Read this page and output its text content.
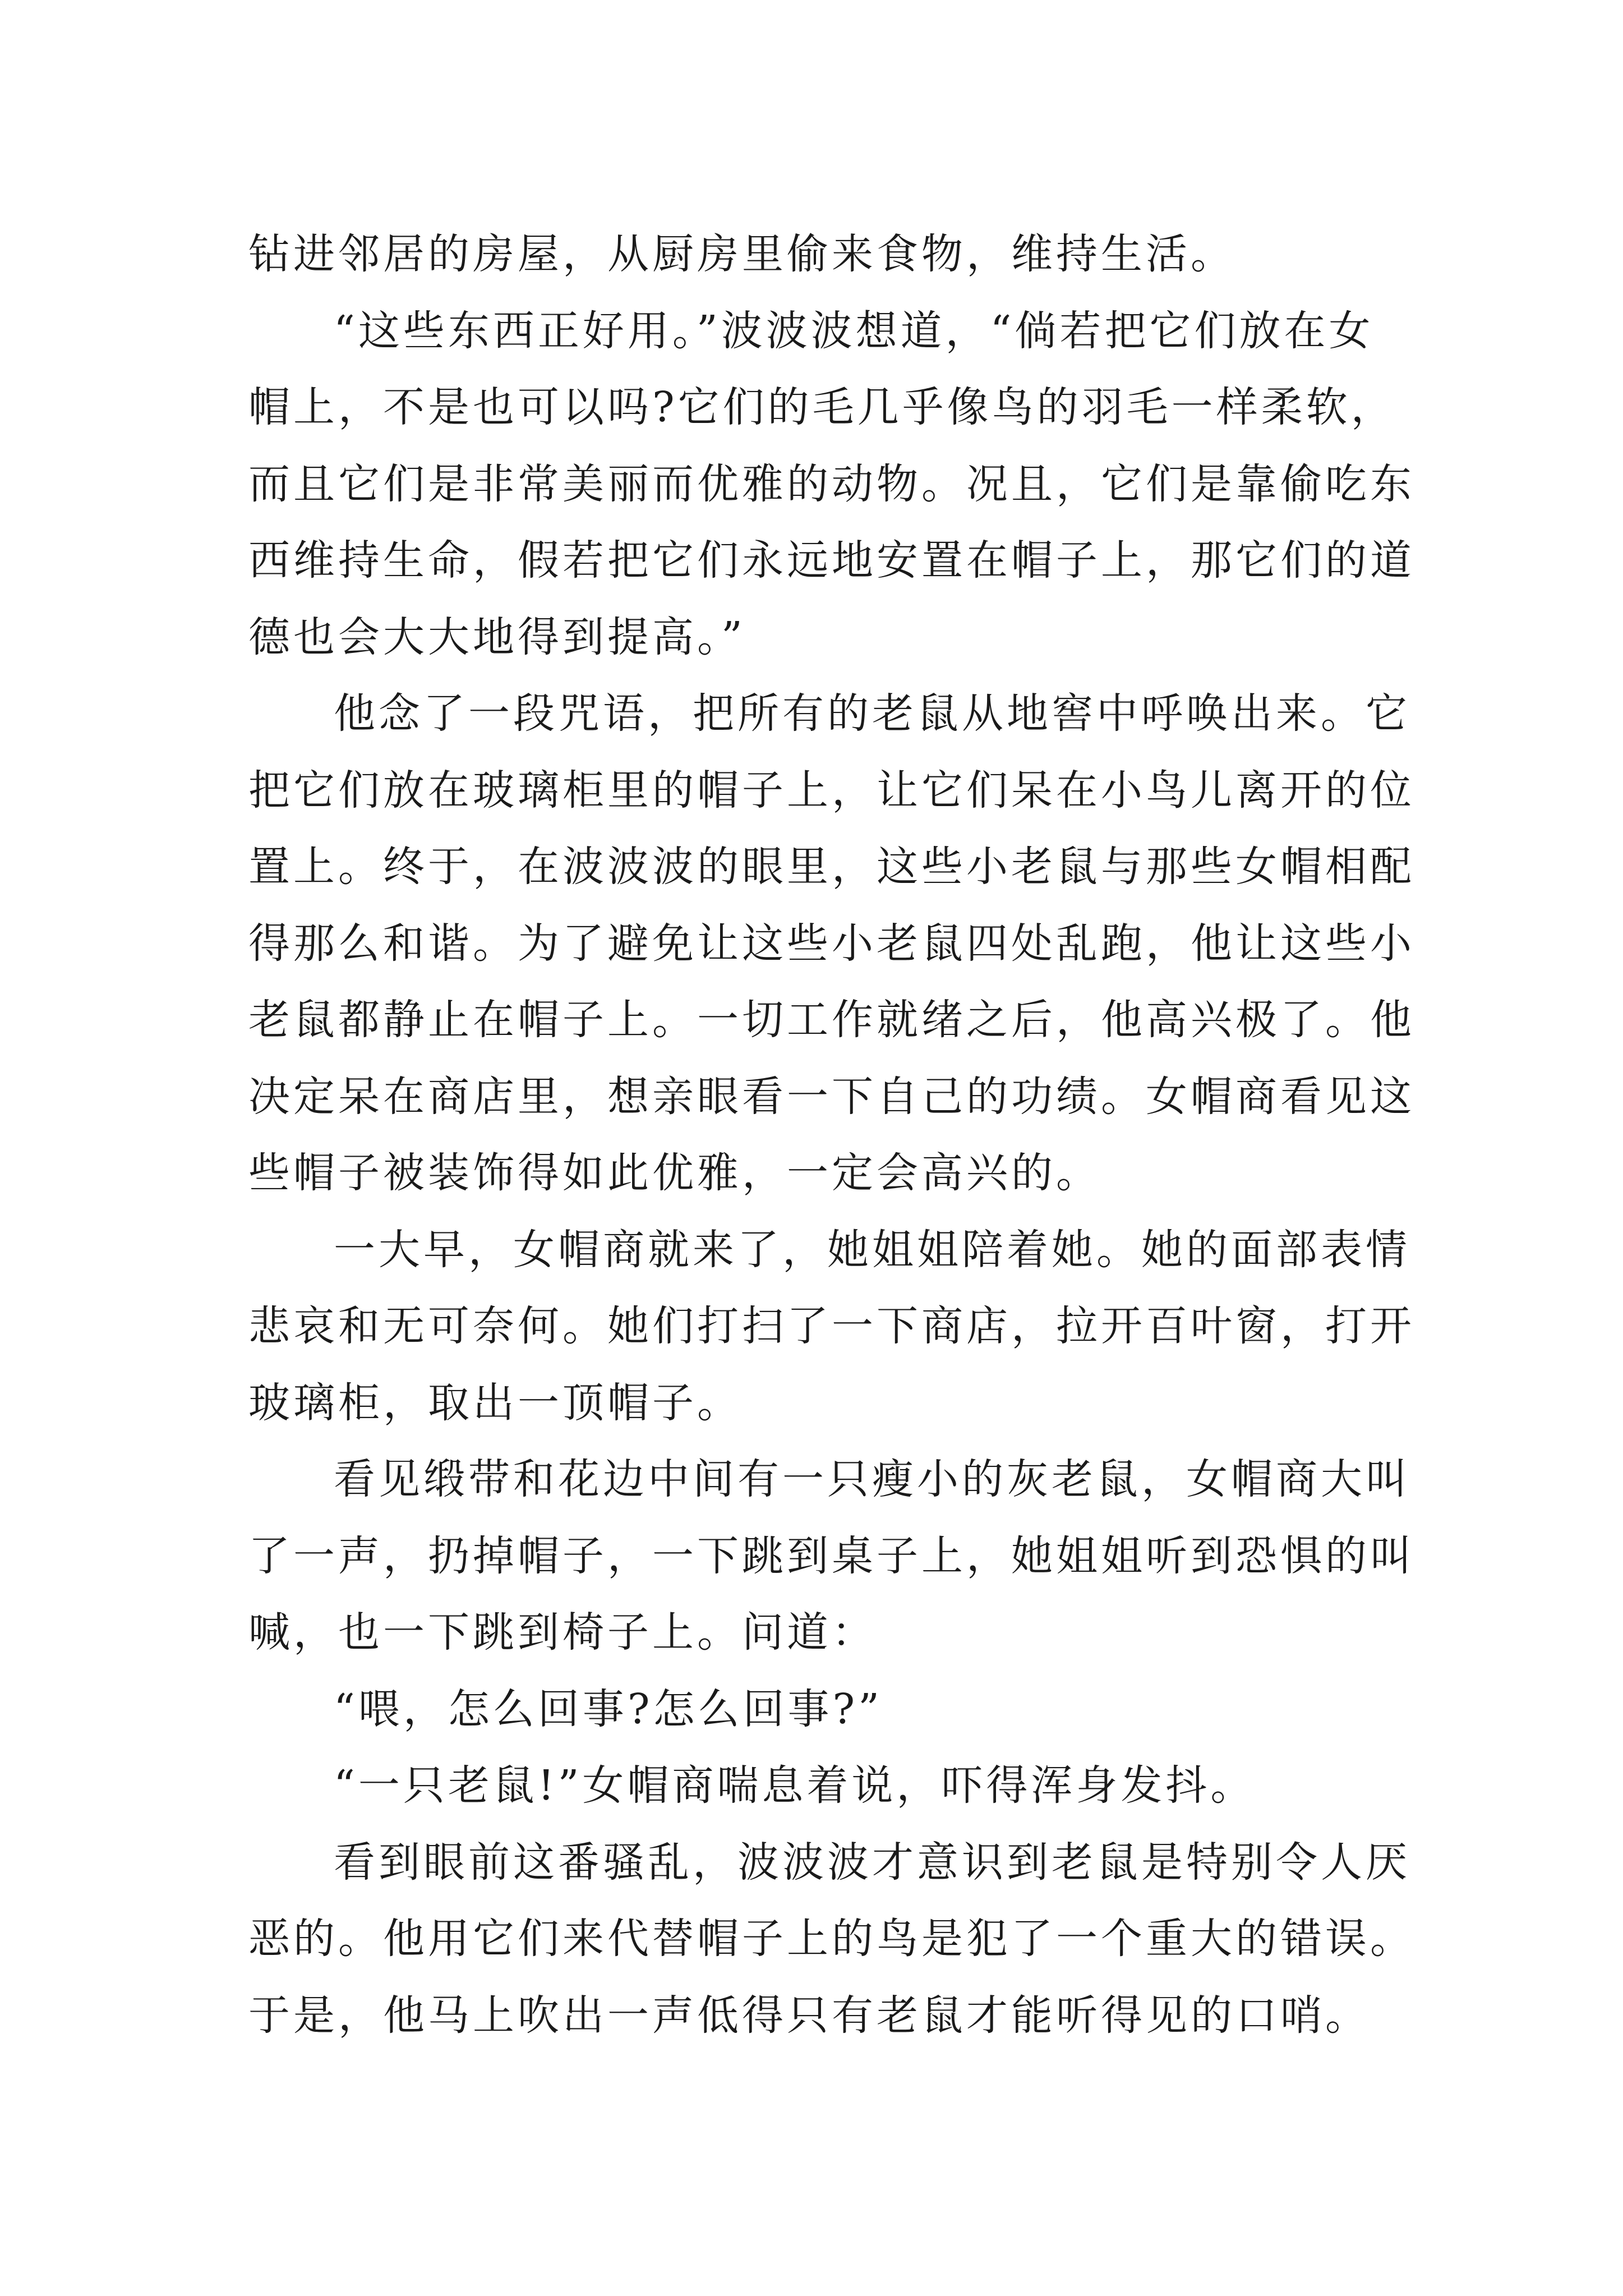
钻进邻居的房屋，从厨房里偷来食物，维持生活。
“这些东西正好用。”波波波想道，“倘若把它们放在女
帽上，不是也可以吗?它们的毛几乎像鸟的羽毛一样柔软，
而且它们是非常美丽而优雅的动物。况且，它们是靠偷吃东
西维持生命，假若把它们永远地安置在帽子上，那它们的道
德也会大大地得到提高。”
他念了一段咒语，把所有的老鼠从地窖中呼唤出来。它
把它们放在玻璃柜里的帽子上，让它们呆在小鸟儿离开的位
置上。终于，在波波波的眼里，这些小老鼠与那些女帽相配
得那么和谐。为了避免让这些小老鼠四处乱跑，他让这些小
老鼠都静止在帽子上。一切工作就绪之后，他高兴极了。他
决定呆在商店里，想亲眼看一下自己的功绩。女帽商看见这
些帽子被装饰得如此优雅，一定会高兴的。
一大早，女帽商就来了，她姐姐陪着她。她的面部表情
悲哀和无可奈何。她们打扫了一下商店，拉开百叶窗，打开
玻璃柜，取出一顶帽子。
看见缎带和花边中间有一只瘦小的灰老鼠，女帽商大叫
了一声，扔掉帽子，一下跳到桌子上，她姐姐听到恐惧的叫
喊，也一下跳到椅子上。问道：
“喂，怎么回事?怎么回事?”
“一只老鼠!”女帽商喘息着说，吓得浑身发抖。
看到眼前这番骚乱，波波波才意识到老鼠是特别令人厌
恶的。他用它们来代替帽子上的鸟是犯了一个重大的错误。
于是，他马上吹出一声低得只有老鼠才能听得见的口哨。
